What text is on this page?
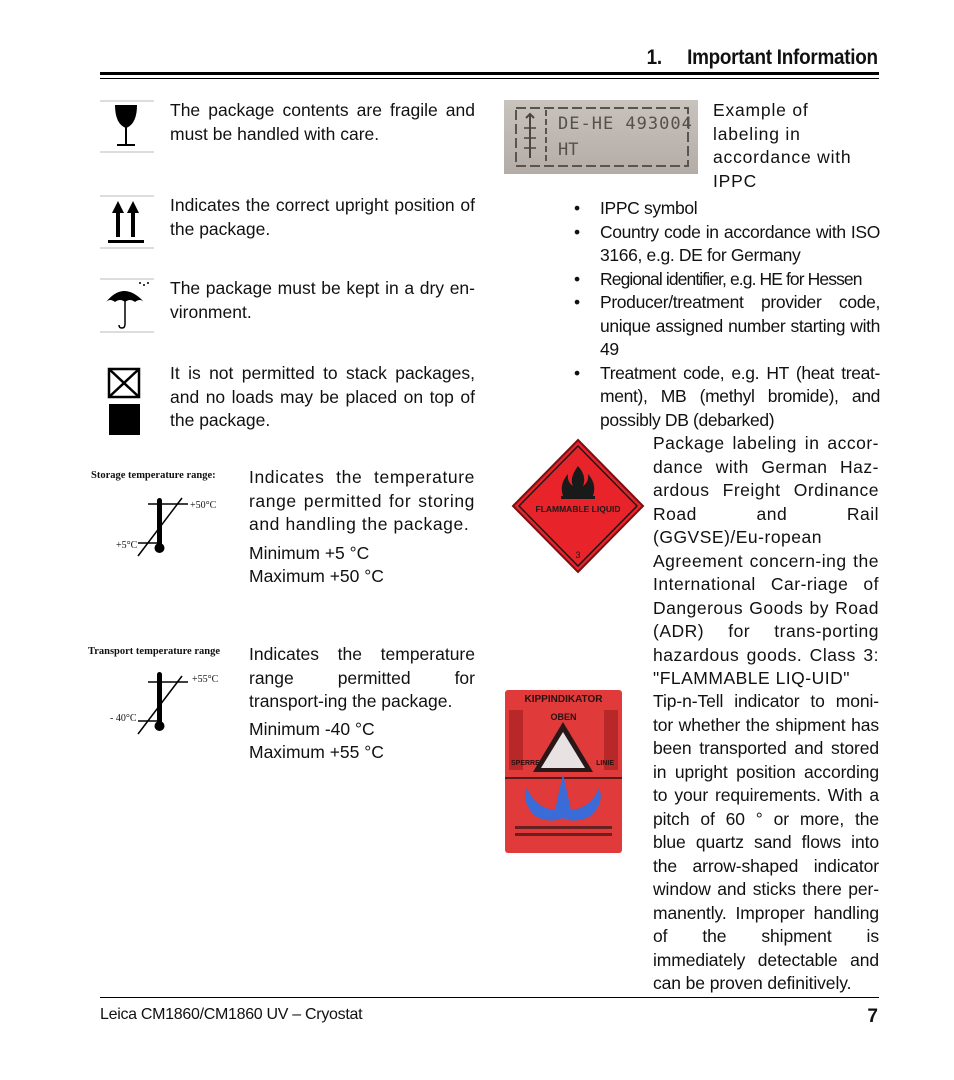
1. Important Information
The package contents are fragile and must be handled with care.
Indicates the correct upright position of the package.
The package must be kept in a dry en-vironment.
It is not permitted to stack packages, and no loads may be placed on top of the package.
Storage temperature range:
+50°C
+5°C
Indicates the temperature range permitted for storing and handling the package.
Minimum +5 °C
Maximum +50 °C
Transport temperature range
+55°C
- 40°C
Indicates the temperature range permitted for transport-ing the package.
Minimum -40 °C
Maximum +55 °C
DE-HE 493004
HT
Example of labeling in accordance with IPPC
• IPPC symbol
• Country code in accordance with ISO 3166, e.g. DE for Germany
• Regional identifier, e.g. HE for Hessen
• Producer/treatment provider code, unique assigned number starting with 49
• Treatment code, e.g. HT (heat treat-ment), MB (methyl bromide), and possibly DB (debarked)
FLAMMABLE LIQUID
3
Package labeling in accor-dance with German Haz-ardous Freight Ordinance Road and Rail (GGVSE)/Eu-ropean Agreement concern-ing the International Car-riage of Dangerous Goods by Road (ADR) for trans-porting hazardous goods. Class 3: "FLAMMABLE LIQ-UID"
KIPPINDIKATOR
OBEN
SPERRE	LINIE
Tip-n-Tell indicator to moni-tor whether the shipment has been transported and stored in upright position according to your requirements. With a pitch of 60 ° or more, the blue quartz sand flows into the arrow-shaped indicator window and sticks there per-manently. Improper handling of the shipment is immediately detectable and can be proven definitively.
Leica CM1860/CM1860 UV – Cryostat	7
